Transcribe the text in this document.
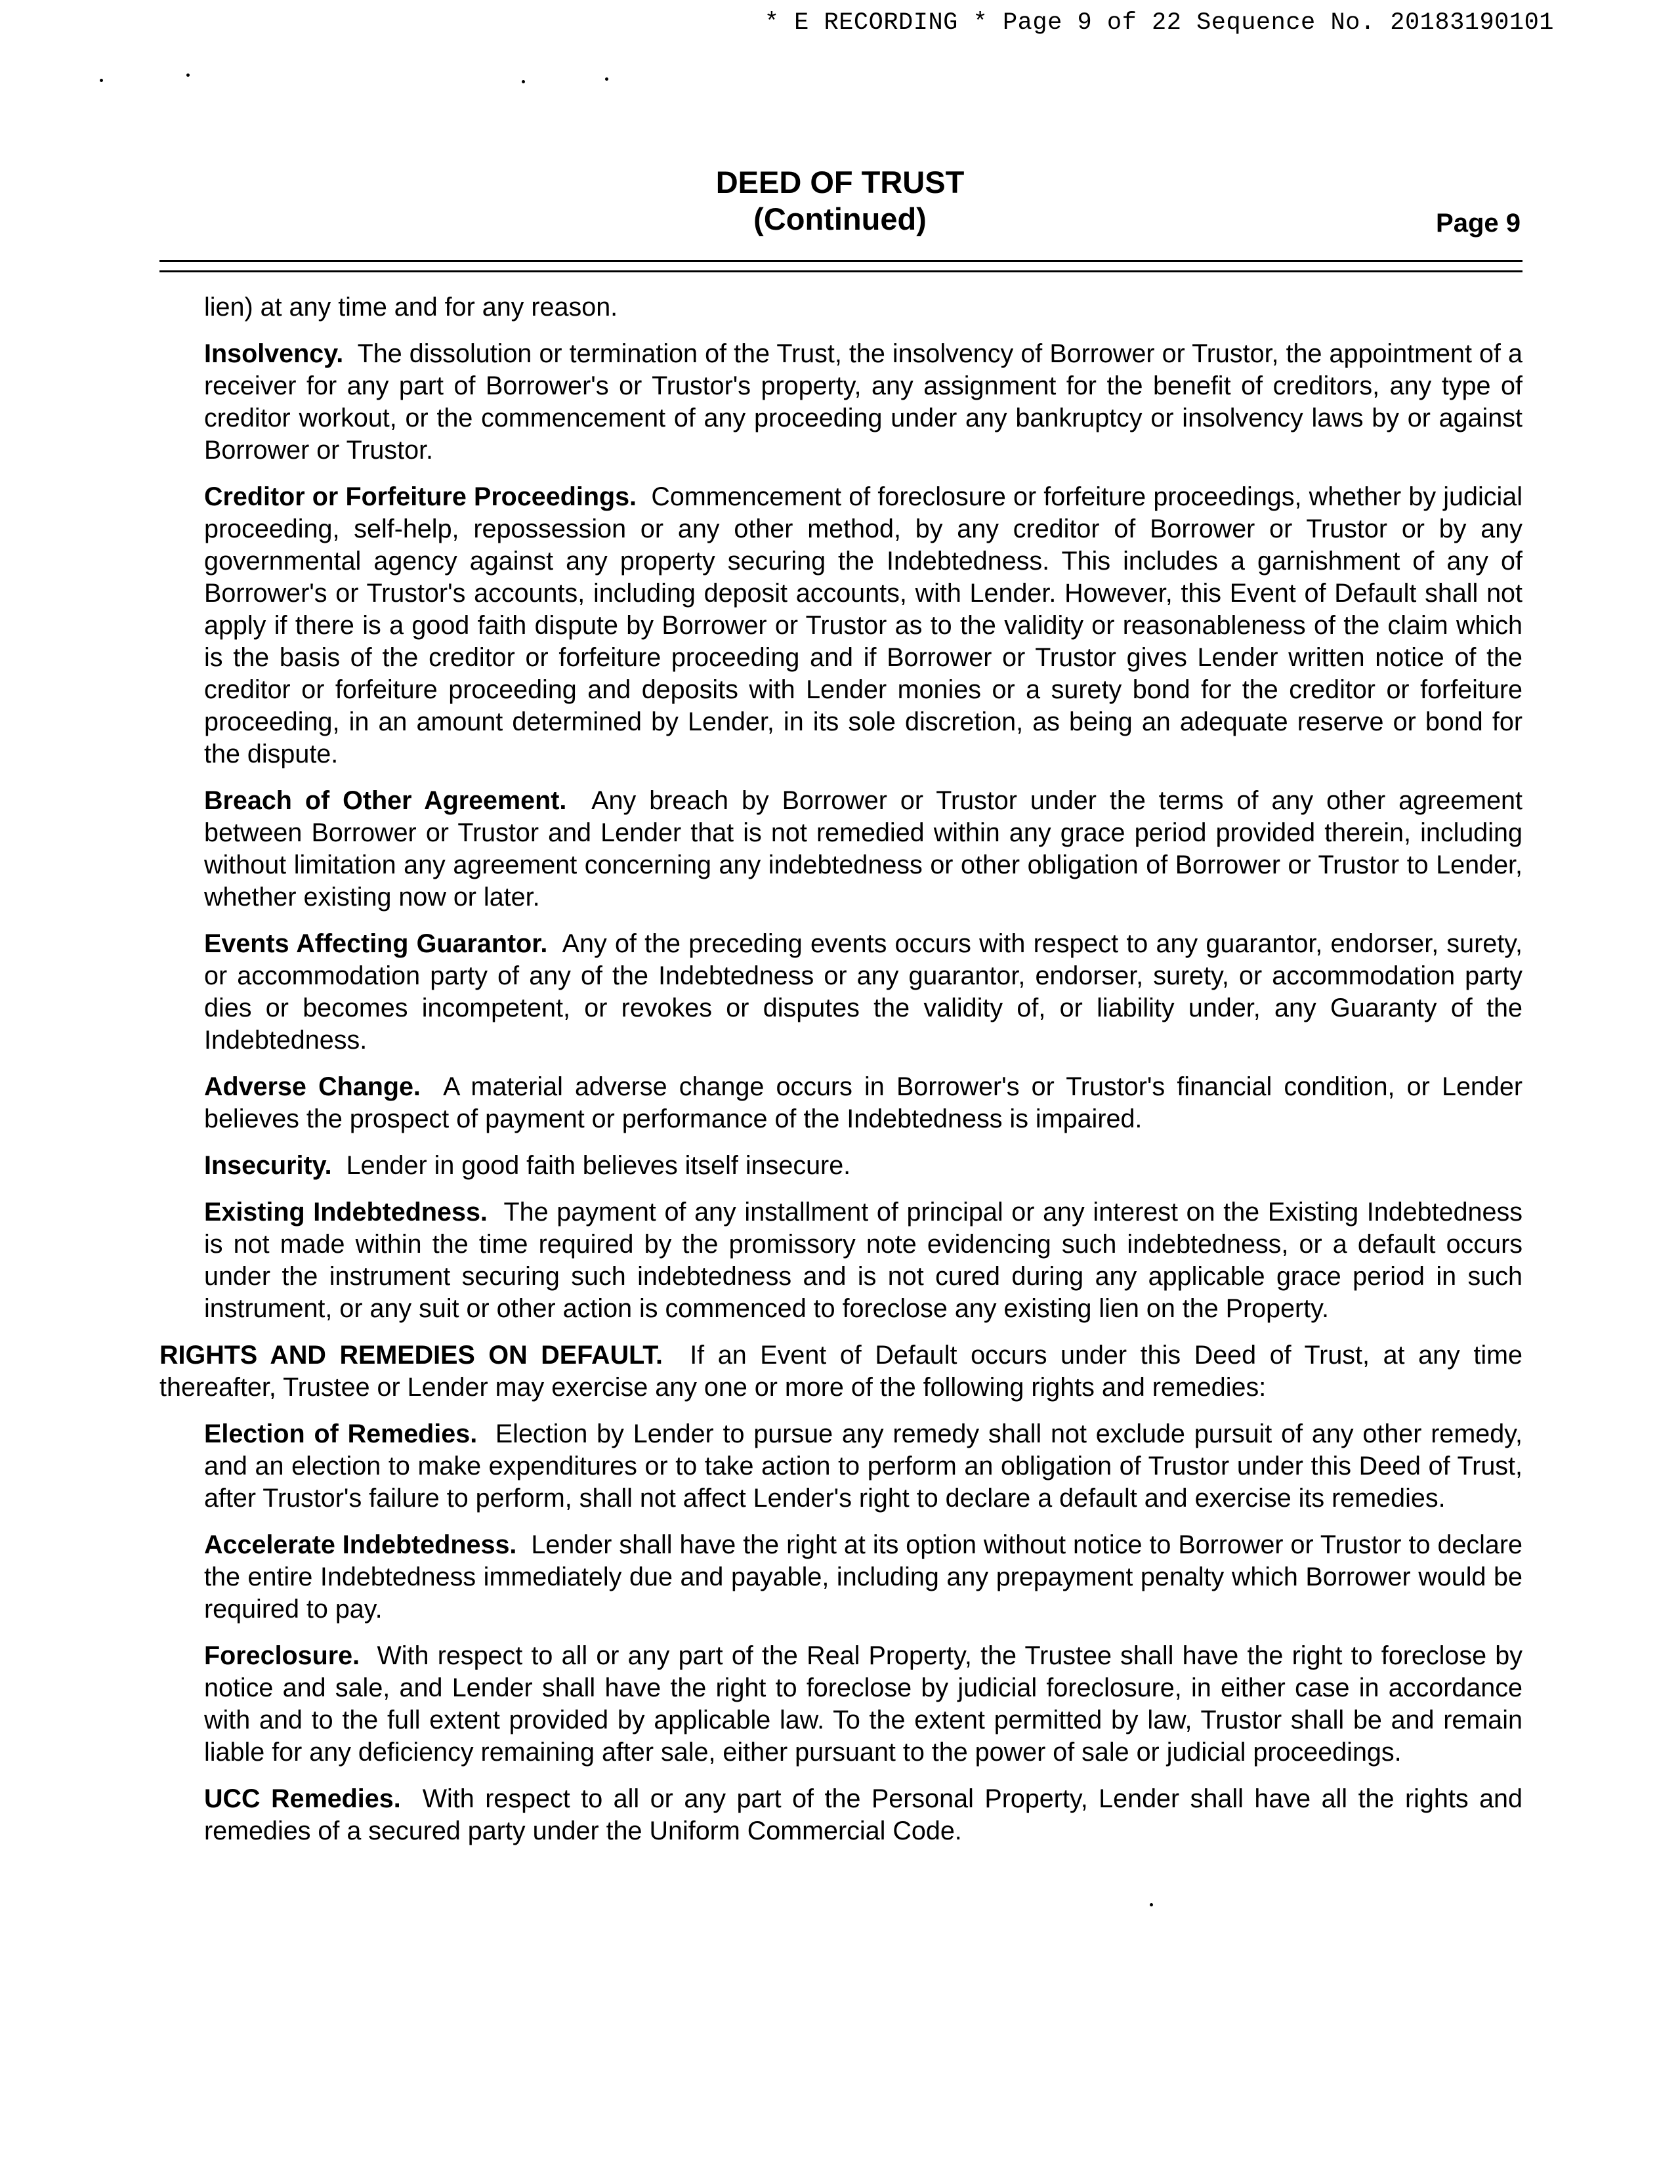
* E RECORDING * Page 9 of 22 Sequence No. 20183190101
DEED OF TRUST
(Continued)	Page 9

lien) at any time and for any reason.

Insolvency. The dissolution or termination of the Trust, the insolvency of Borrower or Trustor, the appointment of a receiver for any part of Borrower's or Trustor's property, any assignment for the benefit of creditors, any type of creditor workout, or the commencement of any proceeding under any bankruptcy or insolvency laws by or against Borrower or Trustor.

Creditor or Forfeiture Proceedings. Commencement of foreclosure or forfeiture proceedings, whether by judicial proceeding, self-help, repossession or any other method, by any creditor of Borrower or Trustor or by any governmental agency against any property securing the Indebtedness. This includes a garnishment of any of Borrower's or Trustor's accounts, including deposit accounts, with Lender. However, this Event of Default shall not apply if there is a good faith dispute by Borrower or Trustor as to the validity or reasonableness of the claim which is the basis of the creditor or forfeiture proceeding and if Borrower or Trustor gives Lender written notice of the creditor or forfeiture proceeding and deposits with Lender monies or a surety bond for the creditor or forfeiture proceeding, in an amount determined by Lender, in its sole discretion, as being an adequate reserve or bond for the dispute.

Breach of Other Agreement. Any breach by Borrower or Trustor under the terms of any other agreement between Borrower or Trustor and Lender that is not remedied within any grace period provided therein, including without limitation any agreement concerning any indebtedness or other obligation of Borrower or Trustor to Lender, whether existing now or later.

Events Affecting Guarantor. Any of the preceding events occurs with respect to any guarantor, endorser, surety, or accommodation party of any of the Indebtedness or any guarantor, endorser, surety, or accommodation party dies or becomes incompetent, or revokes or disputes the validity of, or liability under, any Guaranty of the Indebtedness.

Adverse Change. A material adverse change occurs in Borrower's or Trustor's financial condition, or Lender believes the prospect of payment or performance of the Indebtedness is impaired.

Insecurity. Lender in good faith believes itself insecure.

Existing Indebtedness. The payment of any installment of principal or any interest on the Existing Indebtedness is not made within the time required by the promissory note evidencing such indebtedness, or a default occurs under the instrument securing such indebtedness and is not cured during any applicable grace period in such instrument, or any suit or other action is commenced to foreclose any existing lien on the Property.

RIGHTS AND REMEDIES ON DEFAULT. If an Event of Default occurs under this Deed of Trust, at any time thereafter, Trustee or Lender may exercise any one or more of the following rights and remedies:

Election of Remedies. Election by Lender to pursue any remedy shall not exclude pursuit of any other remedy, and an election to make expenditures or to take action to perform an obligation of Trustor under this Deed of Trust, after Trustor's failure to perform, shall not affect Lender's right to declare a default and exercise its remedies.

Accelerate Indebtedness. Lender shall have the right at its option without notice to Borrower or Trustor to declare the entire Indebtedness immediately due and payable, including any prepayment penalty which Borrower would be required to pay.

Foreclosure. With respect to all or any part of the Real Property, the Trustee shall have the right to foreclose by notice and sale, and Lender shall have the right to foreclose by judicial foreclosure, in either case in accordance with and to the full extent provided by applicable law. To the extent permitted by law, Trustor shall be and remain liable for any deficiency remaining after sale, either pursuant to the power of sale or judicial proceedings.

UCC Remedies. With respect to all or any part of the Personal Property, Lender shall have all the rights and remedies of a secured party under the Uniform Commercial Code.
